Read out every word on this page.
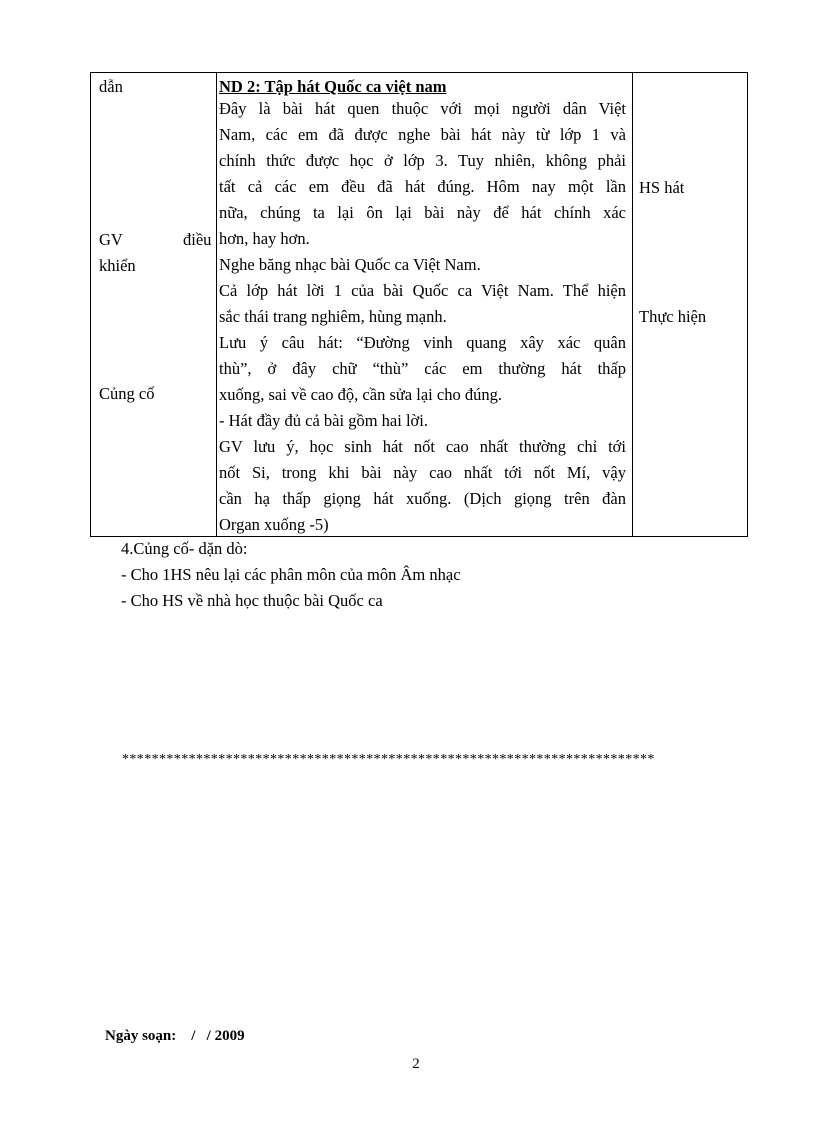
dẫn
GV	điều
khiển
Củng cố
ND 2: Tập hát Quốc ca việt nam
Đây là bài hát quen thuộc với mọi người dân Việt
Nam, các em đã được nghe bài hát này từ lớp 1 và
chính thức được học ở lớp 3. Tuy nhiên, không phải
tất cả các em đều đã hát đúng. Hôm nay một lần
nữa, chúng ta lại ôn lại bài này để hát chính xác
hơn, hay hơn.
Nghe băng nhạc bài Quốc ca Việt Nam.
Cả lớp hát lời 1 của bài Quốc ca Việt Nam. Thể hiện
sắc thái trang nghiêm, hùng mạnh.
Lưu ý câu hát: “Đường vinh quang xây xác quân
thù”, ở đây chữ “thù” các em thường hát thấp
xuống, sai về cao độ, cần sửa lại cho đúng.
- Hát đầy đủ cả bài gồm hai lời.
GV lưu ý, học sinh hát nốt cao nhất thường chỉ tới
nốt Si, trong khi bài này cao nhất tới nốt Mí, vậy
cần hạ thấp giọng hát xuống. (Dịch giọng trên đàn
Organ xuống -5)
HS hát
Thực hiện
4.Củng cố- dặn dò:
- Cho 1HS nêu lại các phân môn của môn Âm nhạc
- Cho HS về nhà học thuộc bài Quốc ca
************************************************************************
Ngày soạn:    /   / 2009
2
